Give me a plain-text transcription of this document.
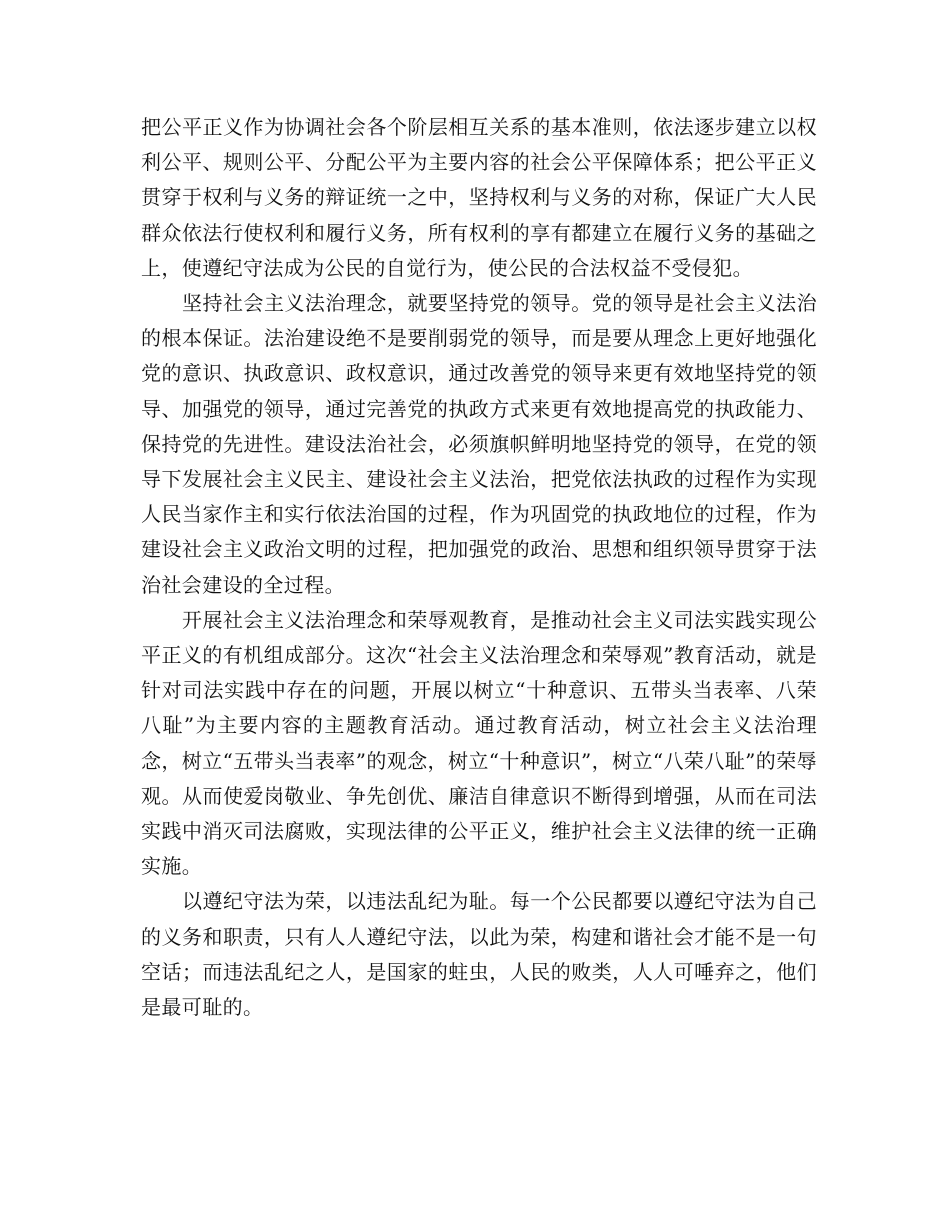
把公平正义作为协调社会各个阶层相互关系的基本准则，依法逐步建立以权利公平、规则公平、分配公平为主要内容的社会公平保障体系；把公平正义贯穿于权利与义务的辩证统一之中，坚持权利与义务的对称，保证广大人民群众依法行使权利和履行义务，所有权利的享有都建立在履行义务的基础之上，使遵纪守法成为公民的自觉行为，使公民的合法权益不受侵犯。

坚持社会主义法治理念，就要坚持党的领导。党的领导是社会主义法治的根本保证。法治建设绝不是要削弱党的领导，而是要从理念上更好地强化党的意识、执政意识、政权意识，通过改善党的领导来更有效地坚持党的领导、加强党的领导，通过完善党的执政方式来更有效地提高党的执政能力、保持党的先进性。建设法治社会，必须旗帜鲜明地坚持党的领导，在党的领导下发展社会主义民主、建设社会主义法治，把党依法执政的过程作为实现人民当家作主和实行依法治国的过程，作为巩固党的执政地位的过程，作为建设社会主义政治文明的过程，把加强党的政治、思想和组织领导贯穿于法治社会建设的全过程。

开展社会主义法治理念和荣辱观教育，是推动社会主义司法实践实现公平正义的有机组成部分。这次“社会主义法治理念和荣辱观”教育活动，就是针对司法实践中存在的问题，开展以树立“十种意识、五带头当表率、八荣八耻”为主要内容的主题教育活动。通过教育活动，树立社会主义法治理念，树立“五带头当表率”的观念，树立“十种意识”，树立“八荣八耻”的荣辱观。从而使爱岗敬业、争先创优、廉洁自律意识不断得到增强，从而在司法实践中消灭司法腐败，实现法律的公平正义，维护社会主义法律的统一正确实施。

以遵纪守法为荣，以违法乱纪为耻。每一个公民都要以遵纪守法为自己的义务和职责，只有人人遵纪守法，以此为荣，构建和谐社会才能不是一句空话；而违法乱纪之人，是国家的蛀虫，人民的败类，人人可唾弃之，他们是最可耻的。
